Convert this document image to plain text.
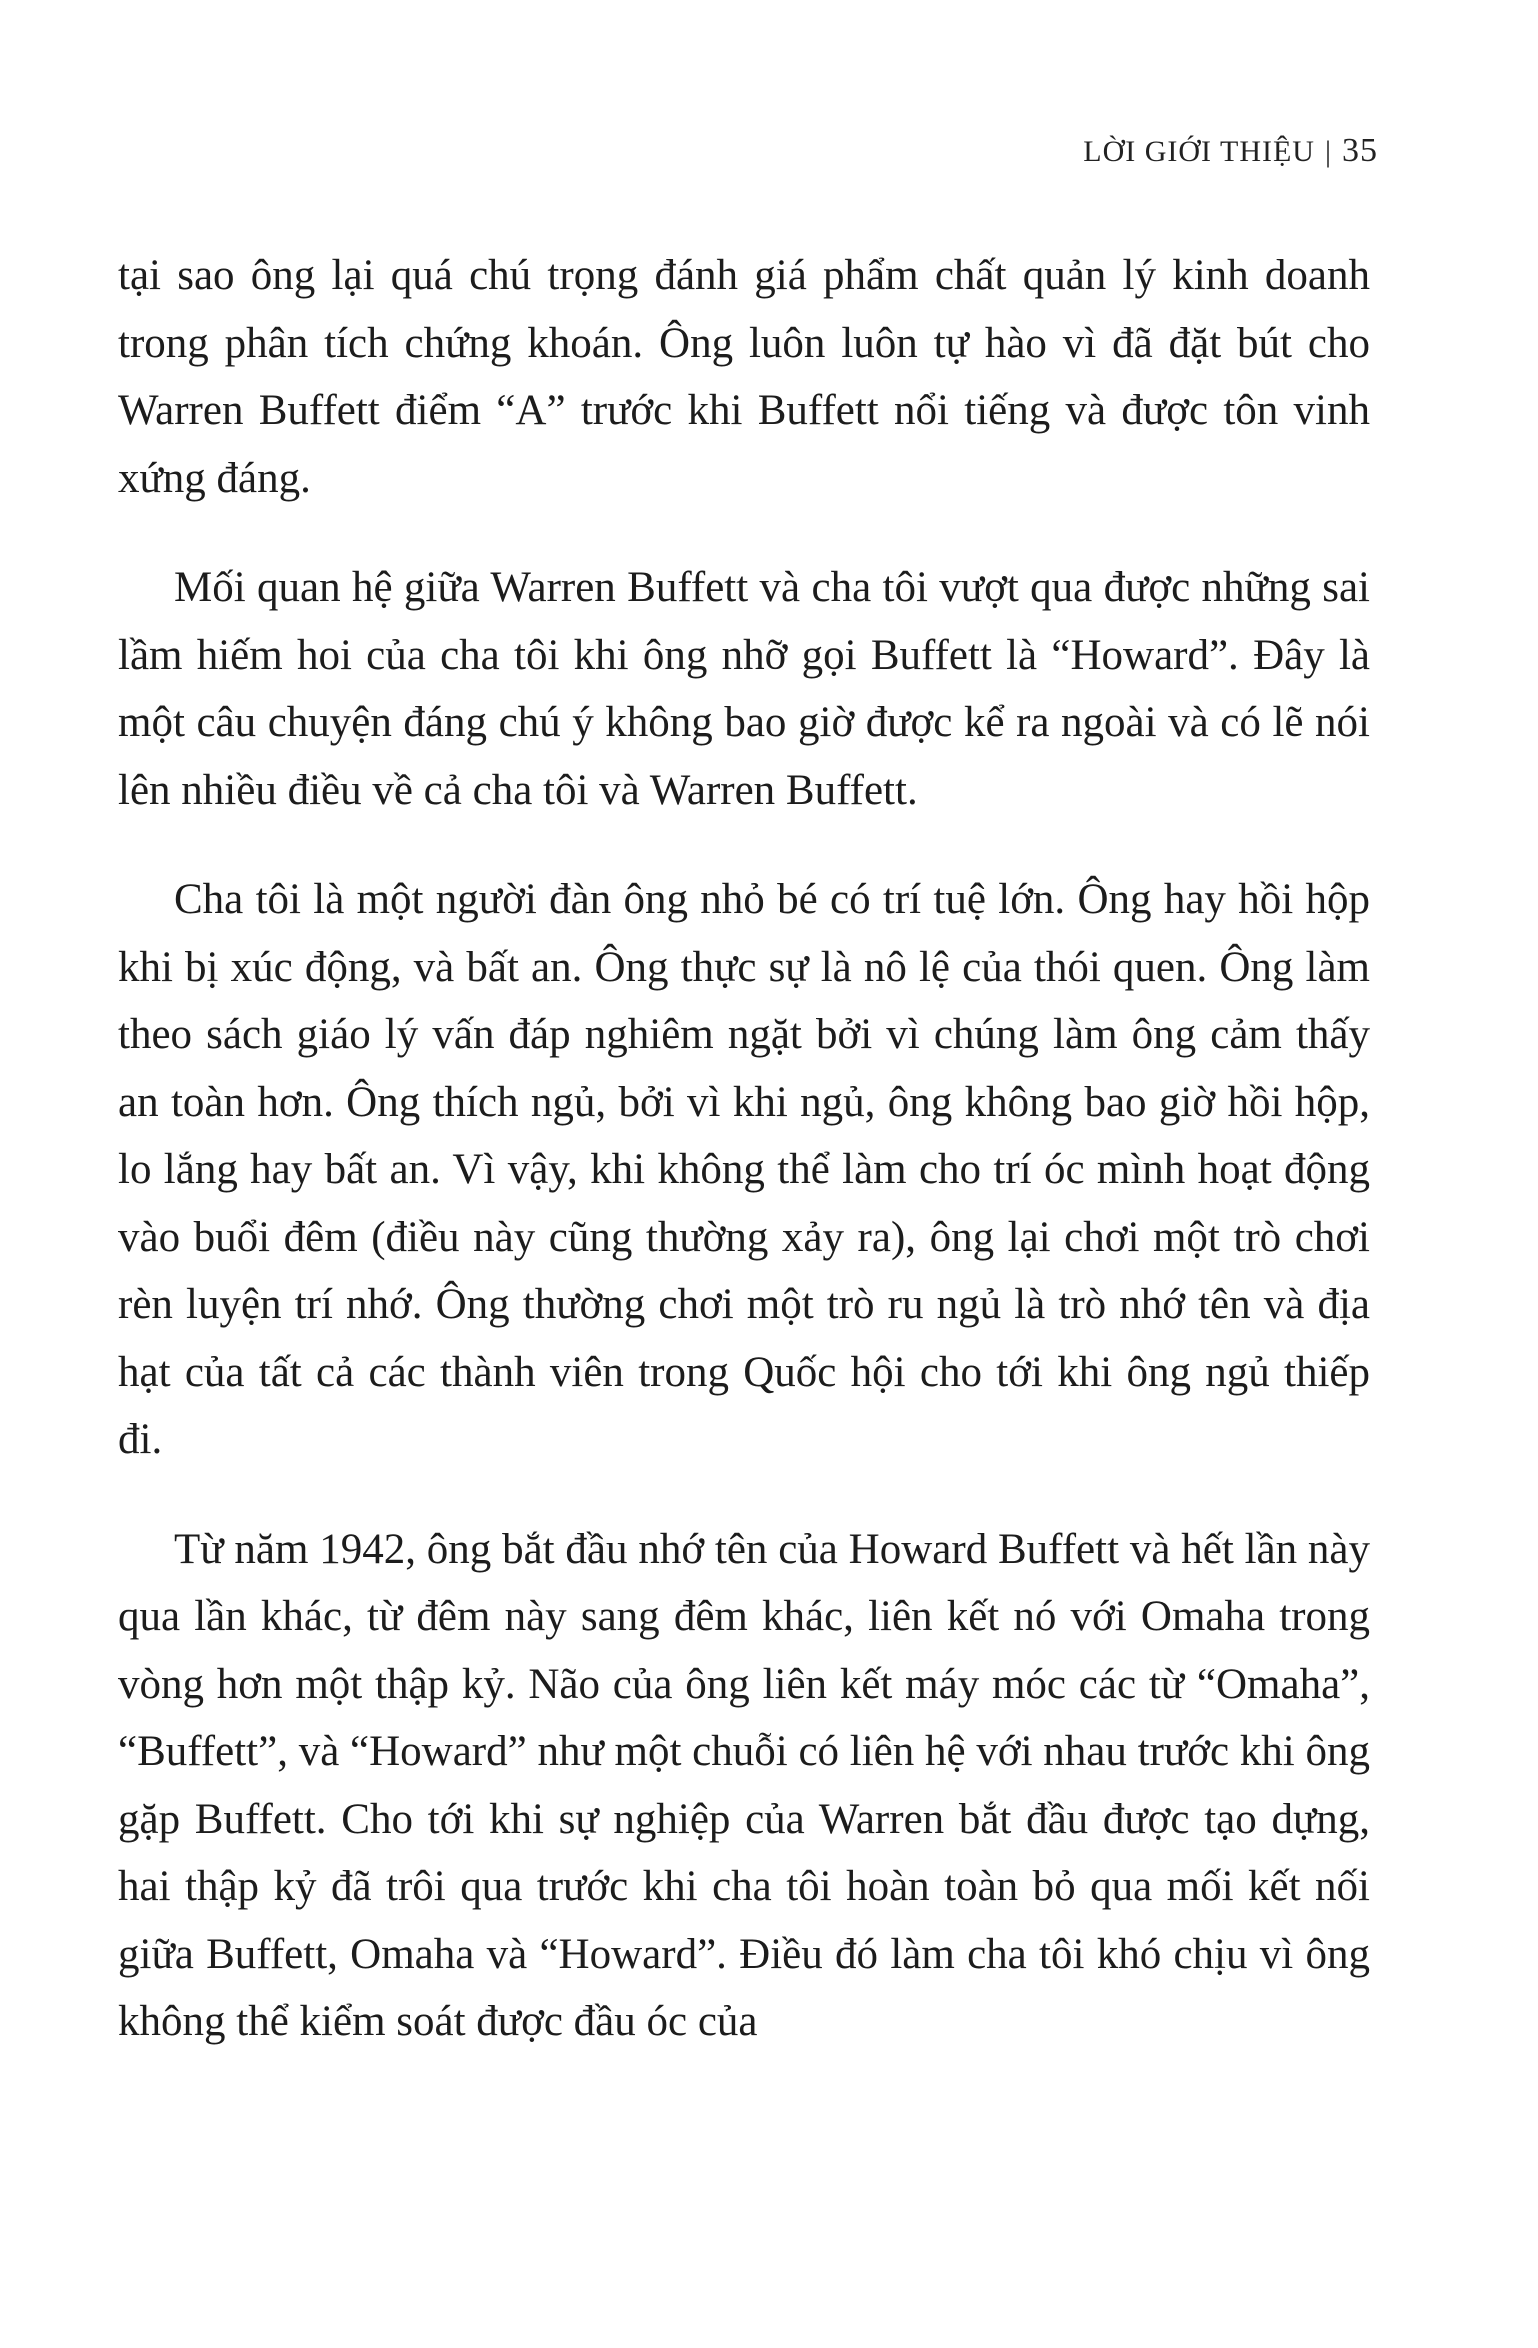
LỜI GIỚI THIỆU | 35

tại sao ông lại quá chú trọng đánh giá phẩm chất quản lý kinh doanh trong phân tích chứng khoán. Ông luôn luôn tự hào vì đã đặt bút cho Warren Buffett điểm “A” trước khi Buffett nổi tiếng và được tôn vinh xứng đáng.

Mối quan hệ giữa Warren Buffett và cha tôi vượt qua được những sai lầm hiếm hoi của cha tôi khi ông nhỡ gọi Buffett là “Howard”. Đây là một câu chuyện đáng chú ý không bao giờ được kể ra ngoài và có lẽ nói lên nhiều điều về cả cha tôi và Warren Buffett.

Cha tôi là một người đàn ông nhỏ bé có trí tuệ lớn. Ông hay hồi hộp khi bị xúc động, và bất an. Ông thực sự là nô lệ của thói quen. Ông làm theo sách giáo lý vấn đáp nghiêm ngặt bởi vì chúng làm ông cảm thấy an toàn hơn. Ông thích ngủ, bởi vì khi ngủ, ông không bao giờ hồi hộp, lo lắng hay bất an. Vì vậy, khi không thể làm cho trí óc mình hoạt động vào buổi đêm (điều này cũng thường xảy ra), ông lại chơi một trò chơi rèn luyện trí nhớ. Ông thường chơi một trò ru ngủ là trò nhớ tên và địa hạt của tất cả các thành viên trong Quốc hội cho tới khi ông ngủ thiếp đi.

Từ năm 1942, ông bắt đầu nhớ tên của Howard Buffett và hết lần này qua lần khác, từ đêm này sang đêm khác, liên kết nó với Omaha trong vòng hơn một thập kỷ. Não của ông liên kết máy móc các từ “Omaha”, “Buffett”, và “Howard” như một chuỗi có liên hệ với nhau trước khi ông gặp Buffett. Cho tới khi sự nghiệp của Warren bắt đầu được tạo dựng, hai thập kỷ đã trôi qua trước khi cha tôi hoàn toàn bỏ qua mối kết nối giữa Buffett, Omaha và “Howard”. Điều đó làm cha tôi khó chịu vì ông không thể kiểm soát được đầu óc của
